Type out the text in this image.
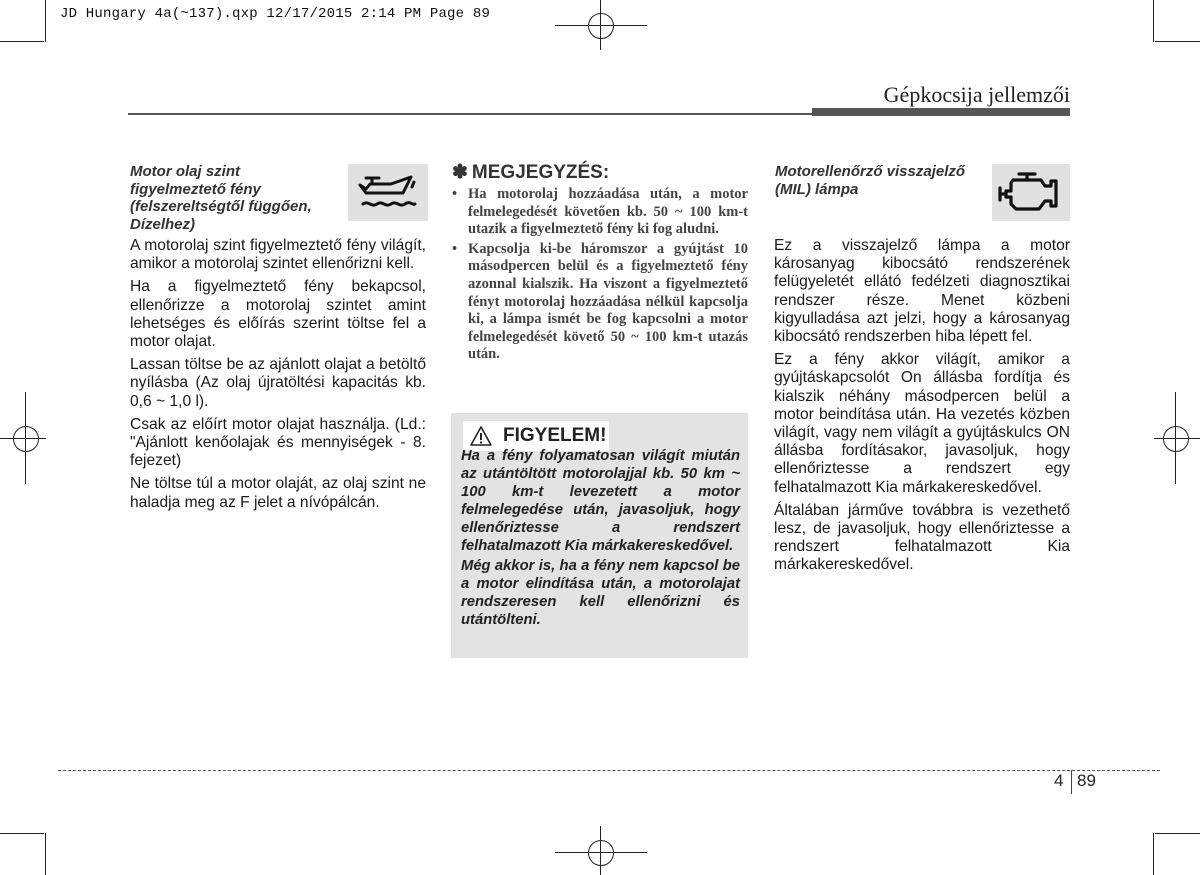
JD Hungary 4a(~137).qxp 12/17/2015 2:14 PM Page 89
Gépkocsija jellemzői
Motor olaj szint figyelmeztető fény (felszereltségtől függően, Dízelhez)

A motorolaj szint figyelmeztető fény világít, amikor a motorolaj szintet ellenőrizni kell.

Ha a figyelmeztető fény bekapcsol, ellenőrizze a motorolaj szintet amint lehetséges és előírás szerint töltse fel a motor olajat.

Lassan töltse be az ajánlott olajat a betöltő nyílásba (Az olaj újratöltési kapacitás kb. 0,6 ~ 1,0 l).

Csak az előírt motor olajat használja. (Ld.: "Ajánlott kenőolajak és mennyiségek - 8. fejezet)

Ne töltse túl a motor olaját, az olaj szint ne haladja meg az F jelet a nívópálcán.

✽ MEGJEGYZÉS:
• Ha motorolaj hozzáadása után, a motor felmelegedését követően kb. 50 ~ 100 km-t utazik a figyelmeztető fény ki fog aludni.
• Kapcsolja ki-be háromszor a gyújtást 10 másodpercen belül és a figyelmeztető fény azonnal kialszik. Ha viszont a figyelmeztető fényt motorolaj hozzáadása nélkül kapcsolja ki, a lámpa ismét be fog kapcsolni a motor felmelegedését követő 50 ~ 100 km-t utazás után.
FIGYELEM!

Ha a fény folyamatosan világít miután az utántöltött motorolajjal kb. 50 km ~ 100 km-t levezetett a motor felmelegedése után, javasoljuk, hogy ellenőriztesse a rendszert felhatalmazott Kia márkakereskedővel.

Még akkor is, ha a fény nem kapcsol be a motor elindítása után, a motorolajat rendszeresen kell ellenőrizni és utántölteni.

Motorellenőrző visszajelző (MIL) lámpa

Ez a visszajelző lámpa a motor károsanyag kibocsátó rendszerének felügyeletét ellátó fedélzeti diagnosztikai rendszer része. Menet közbeni kigyulladása azt jelzi, hogy a károsanyag kibocsátó rendszerben hiba lépett fel.

Ez a fény akkor világít, amikor a gyújtáskapcsolót On állásba fordítja és kialszik néhány másodpercen belül a motor beindítása után. Ha vezetés közben világít, vagy nem világít a gyújtáskulcs ON állásba fordításakor, javasoljuk, hogy ellenőriztesse a rendszert egy felhatalmazott Kia márkakereskedővel.

Általában járműve továbbra is vezethető lesz, de javasoljuk, hogy ellenőriztesse a rendszert felhatalmazott Kia márkakereskedővel.

4 89
